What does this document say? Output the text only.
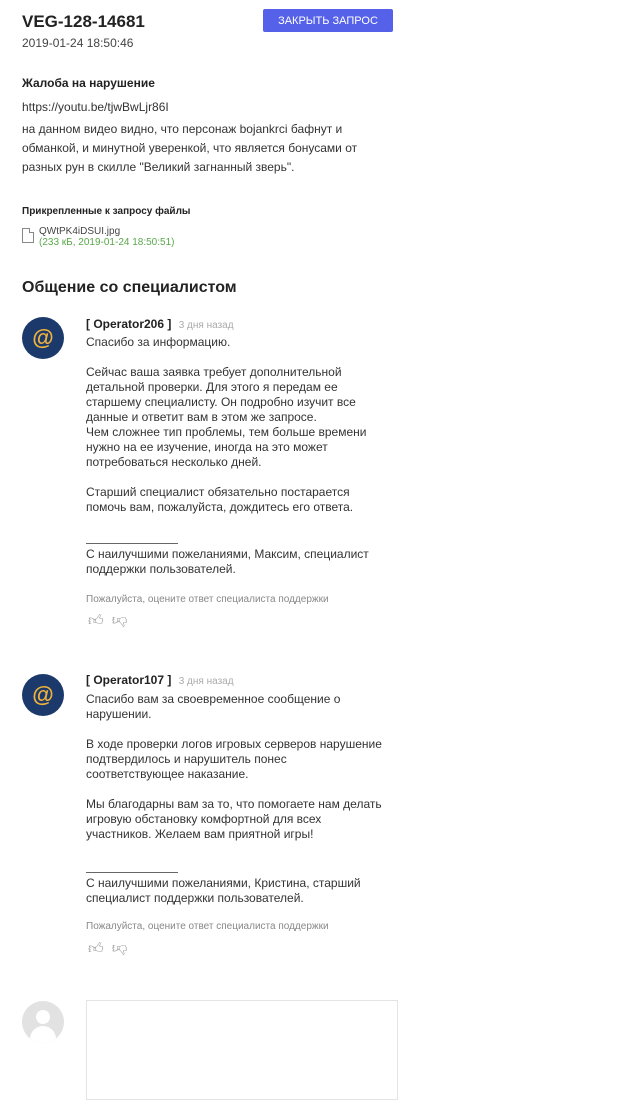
VEG-128-14681
2019-01-24 18:50:46
ЗАКРЫТЬ ЗАПРОС
Жалоба на нарушение
https://youtu.be/tjwBwLjr86I
на данном видео видно, что персонаж bojankrci бафнут и обманкой, и минутной уверенкой, что является бонусами от разных рун в скилле "Великий загнанный зверь".
Прикрепленные к запросу файлы
QWtPK4iDSUI.jpg
(233 кБ, 2019-01-24 18:50:51)
Общение со специалистом
@
[ Operator206 ] 3 дня назад

Спасибо за информацию.

Сейчас ваша заявка требует дополнительной детальной проверки. Для этого я передам ее старшему специалисту. Он подробно изучит все данные и ответит вам в этом же запросе.

Чем сложнее тип проблемы, тем больше времени нужно на ее изучение, иногда на это может потребоваться несколько дней.

Старший специалист обязательно постарается помочь вам, пожалуйста, дождитесь его ответа.

С наилучшими пожеланиями, Максим, специалист поддержки пользователей.

Пожалуйста, оцените ответ специалиста поддержки
👍︎ 👍︎
@
[ Operator107 ] 3 дня назад

Спасибо вам за своевременное сообщение о нарушении.

В ходе проверки логов игровых серверов нарушение подтвердилось и нарушитель понес соответствующее наказание.

Мы благодарны вам за то, что помогаете нам делать игровую обстановку комфортной для всех участников. Желаем вам приятной игры!

С наилучшими пожеланиями, Кристина, старший специалист поддержки пользователей.

Пожалуйста, оцените ответ специалиста поддержки
👍︎ 👍︎
